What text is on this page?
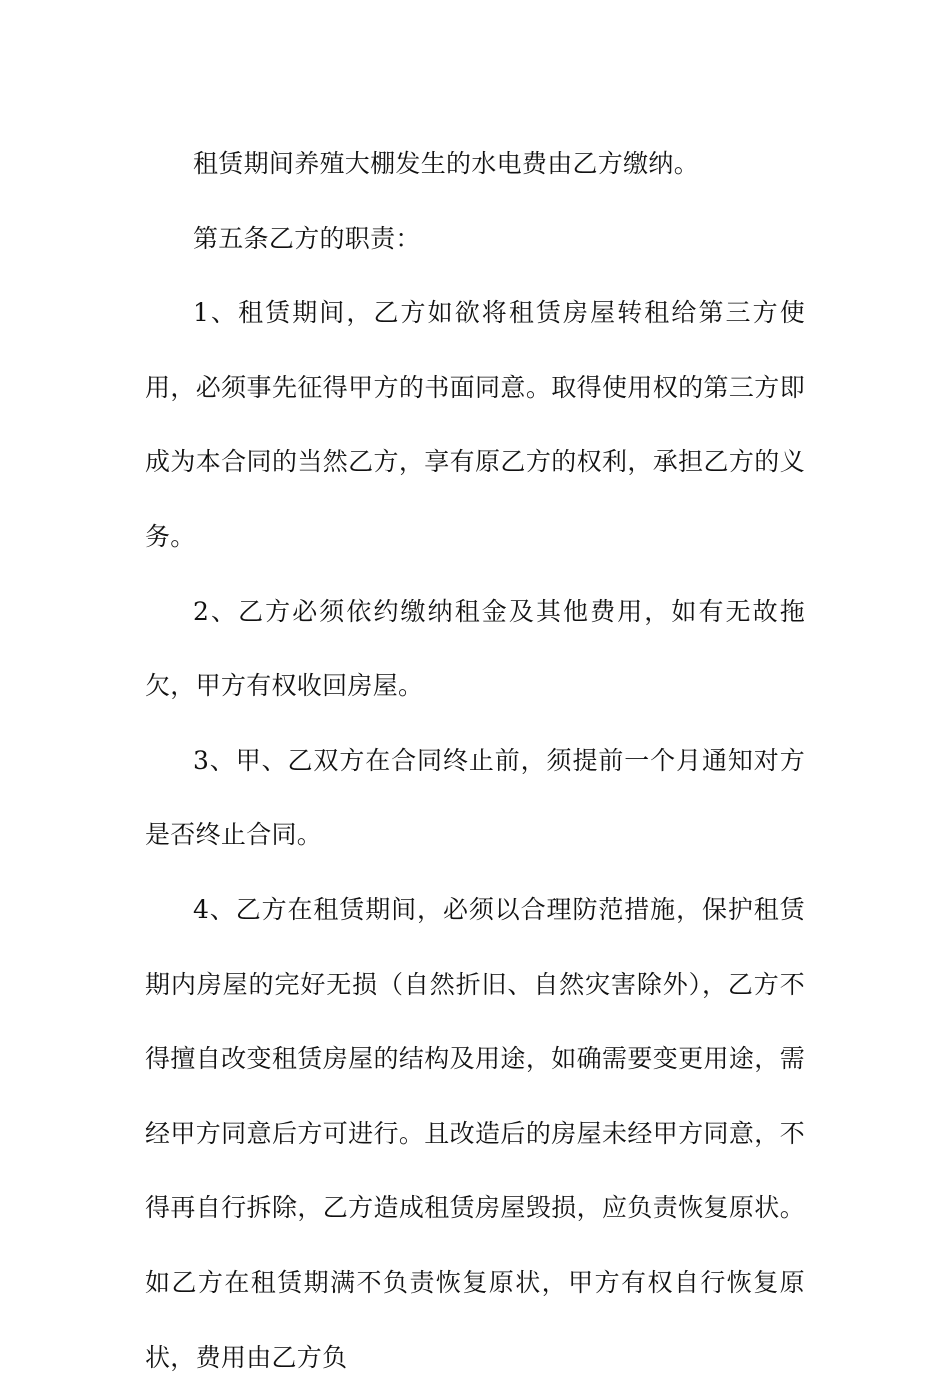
租赁期间养殖大棚发生的水电费由乙方缴纳。

第五条乙方的职责：

1、租赁期间，乙方如欲将租赁房屋转租给第三方使用，必须事先征得甲方的书面同意。取得使用权的第三方即成为本合同的当然乙方，享有原乙方的权利，承担乙方的义务。

2、乙方必须依约缴纳租金及其他费用，如有无故拖欠，甲方有权收回房屋。

3、甲、乙双方在合同终止前，须提前一个月通知对方是否终止合同。

4、乙方在租赁期间，必须以合理防范措施，保护租赁期内房屋的完好无损（自然折旧、自然灾害除外），乙方不得擅自改变租赁房屋的结构及用途，如确需要变更用途，需经甲方同意后方可进行。且改造后的房屋未经甲方同意，不得再自行拆除，乙方造成租赁房屋毁损，应负责恢复原状。如乙方在租赁期满不负责恢复原状，甲方有权自行恢复原状，费用由乙方负
